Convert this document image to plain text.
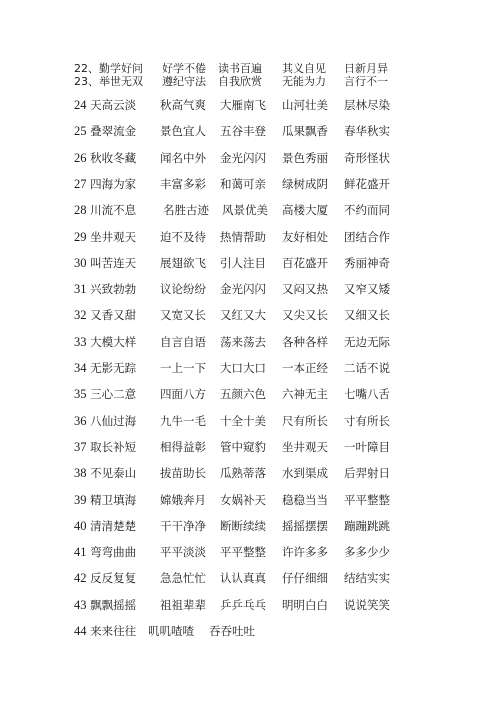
22、勤学好问 好学不倦 读书百遍 其义自见 日新月异
23、举世无双 遵纪守法 自我欣赏 无能为力 言行不一
24 天高云淡 秋高气爽 大雁南飞 山河壮美 层林尽染
25 叠翠流金 景色宜人 五谷丰登 瓜果飘香 春华秋实
26 秋收冬藏 闻名中外 金光闪闪 景色秀丽 奇形怪状
27 四海为家 丰富多彩 和蔼可亲 绿树成阴 鲜花盛开
28 川流不息 名胜古迹 风景优美 高楼大厦 不约而同
29 坐井观天 迫不及待 热情帮助 友好相处 团结合作
30 叫苦连天 展翅欲飞 引人注目 百花盛开 秀丽神奇
31 兴致勃勃 议论纷纷 金光闪闪 又闷又热 又窄又矮
32 又香又甜 又宽又长 又红又大 又尖又长 又细又长
33 大模大样 自言自语 荡来荡去 各种各样 无边无际
34 无影无踪 一上一下 大口大口 一本正经 二话不说
35 三心二意 四面八方 五颜六色 六神无主 七嘴八舌
36 八仙过海 九牛一毛 十全十美 尺有所长 寸有所长
37 取长补短 相得益彰 管中窥豹 坐井观天 一叶障目
38 不见泰山 拔苗助长 瓜熟蒂落 水到渠成 后羿射日
39 精卫填海 嫦娥奔月 女娲补天 稳稳当当 平平整整
40 清清楚楚 干干净净 断断续续 摇摇摆摆 蹦蹦跳跳
41 弯弯曲曲 平平淡淡 平平整整 许许多多 多多少少
42 反反复复 急急忙忙 认认真真 仔仔细细 结结实实
43 飘飘摇摇 祖祖辈辈 乒乒乓乓 明明白白 说说笑笑
44 来来往往 叽叽喳喳 吞吞吐吐
